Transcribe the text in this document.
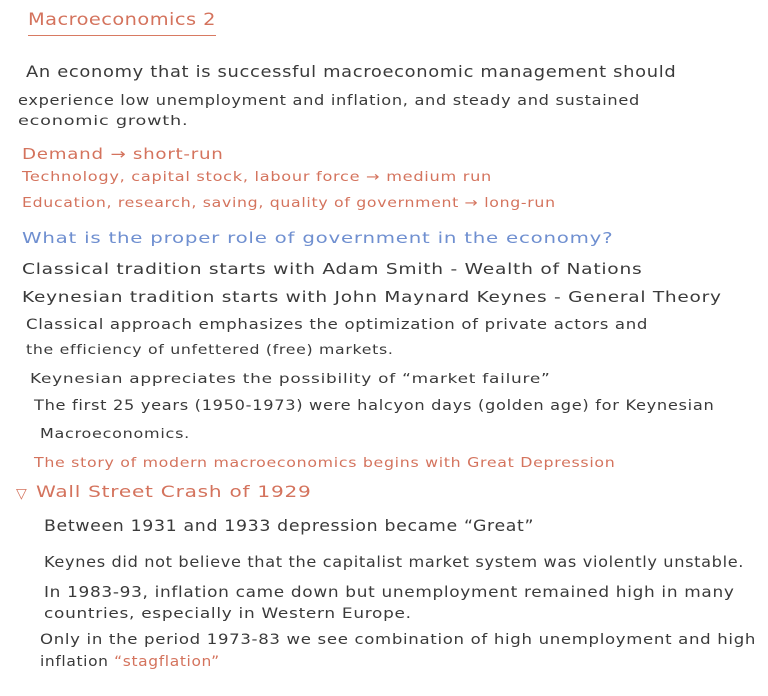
Macroeconomics 2
An economy that is successful macroeconomic management should
experience low unemployment and inflation, and steady and sustained
economic growth.
Demand → short-run
Technology, capital stock, labour force → medium run
Education, research, saving, quality of government → long-run
What is the proper role of government in the economy?
Classical tradition starts with Adam Smith - Wealth of Nations
Keynesian tradition starts with John Maynard Keynes - General Theory
Classical approach emphasizes the optimization of private actors and
the efficiency of unfettered (free) markets.
Keynesian appreciates the possibility of “market failure”
The first 25 years (1950-1973) were halcyon days (golden age) for Keynesian
Macroeconomics.
The story of modern macroeconomics begins with Great Depression
▽ Wall Street Crash of 1929
Between 1931 and 1933 depression became “Great”
Keynes did not believe that the capitalist market system was violently unstable.
In 1983-93, inflation came down but unemployment remained high in many
countries, especially in Western Europe.
Only in the period 1973-83 we see combination of high unemployment and high
inflation “stagflation”
